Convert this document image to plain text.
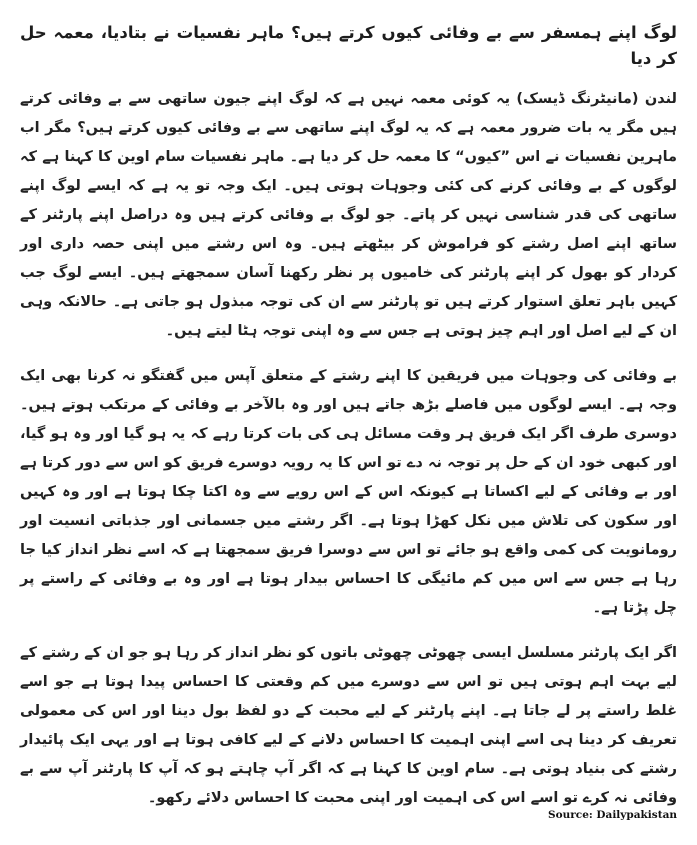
لوگ اپنے ہمسفر سے بے وفائی کیوں کرتے ہیں؟ ماہر نفسیات نے بتادیا، معمہ حل کر دیا

لندن (مانیٹرنگ ڈیسک) یہ کوئی معمہ نہیں ہے کہ لوگ اپنے جیون ساتھی سے بے وفائی کرتے ہیں مگر یہ بات ضرور معمہ ہے کہ یہ لوگ اپنے ساتھی سے بے وفائی کیوں کرتے ہیں؟ مگر اب ماہرین نفسیات نے اس ”کیوں“ کا معمہ حل کر دیا ہے۔ ماہر نفسیات سام اوین کا کہنا ہے کہ لوگوں کے بے وفائی کرنے کی کئی وجوہات ہوتی ہیں۔ ایک وجہ تو یہ ہے کہ ایسے لوگ اپنے ساتھی کی قدر شناسی نہیں کر پاتے۔ جو لوگ بے وفائی کرتے ہیں وہ دراصل اپنے پارٹنر کے ساتھ اپنے اصل رشتے کو فراموش کر بیٹھتے ہیں۔ وہ اس رشتے میں اپنی حصہ داری اور کردار کو بھول کر اپنے پارٹنر کی خامیوں پر نظر رکھنا آسان سمجھتے ہیں۔ ایسے لوگ جب کہیں باہر تعلق استوار کرتے ہیں تو پارٹنر سے ان کی توجہ مبذول ہو جاتی ہے۔ حالانکہ وہی ان کے لیے اصل اور اہم چیز ہوتی ہے جس سے وہ اپنی توجہ ہٹا لیتے ہیں۔

بے وفائی کی وجوہات میں فریقین کا اپنے رشتے کے متعلق آپس میں گفتگو نہ کرنا بھی ایک وجہ ہے۔ ایسے لوگوں میں فاصلے بڑھ جاتے ہیں اور وہ بالآخر بے وفائی کے مرتکب ہوتے ہیں۔ دوسری طرف اگر ایک فریق ہر وقت مسائل ہی کی بات کرتا رہے کہ یہ ہو گیا اور وہ ہو گیا، اور کبھی خود ان کے حل پر توجہ نہ دے تو اس کا یہ رویہ دوسرے فریق کو اس سے دور کرتا ہے اور بے وفائی کے لیے اکساتا ہے کیونکہ اس کے اس رویے سے وہ اکتا چکا ہوتا ہے اور وہ کہیں اور سکون کی تلاش میں نکل کھڑا ہوتا ہے۔ اگر رشتے میں جسمانی اور جذباتی انسیت اور رومانویت کی کمی واقع ہو جائے تو اس سے دوسرا فریق سمجھتا ہے کہ اسے نظر انداز کیا جا رہا ہے جس سے اس میں کم مائیگی کا احساس بیدار ہوتا ہے اور وہ بے وفائی کے راستے پر چل پڑتا ہے۔

اگر ایک پارٹنر مسلسل ایسی چھوٹی چھوٹی باتوں کو نظر انداز کر رہا ہو جو ان کے رشتے کے لیے بہت اہم ہوتی ہیں تو اس سے دوسرے میں کم وقعتی کا احساس پیدا ہوتا ہے جو اسے غلط راستے پر لے جاتا ہے۔ اپنے پارٹنر کے لیے محبت کے دو لفظ بول دینا اور اس کی معمولی تعریف کر دینا ہی اسے اپنی اہمیت کا احساس دلانے کے لیے کافی ہوتا ہے اور یہی ایک پائیدار رشتے کی بنیاد ہوتی ہے۔ سام اوین کا کہنا ہے کہ اگر آپ چاہتے ہو کہ آپ کا پارٹنر آپ سے بے وفائی نہ کرے تو اسے اس کی اہمیت اور اپنی محبت کا احساس دلائے رکھو۔

Source: Dailypakistan
